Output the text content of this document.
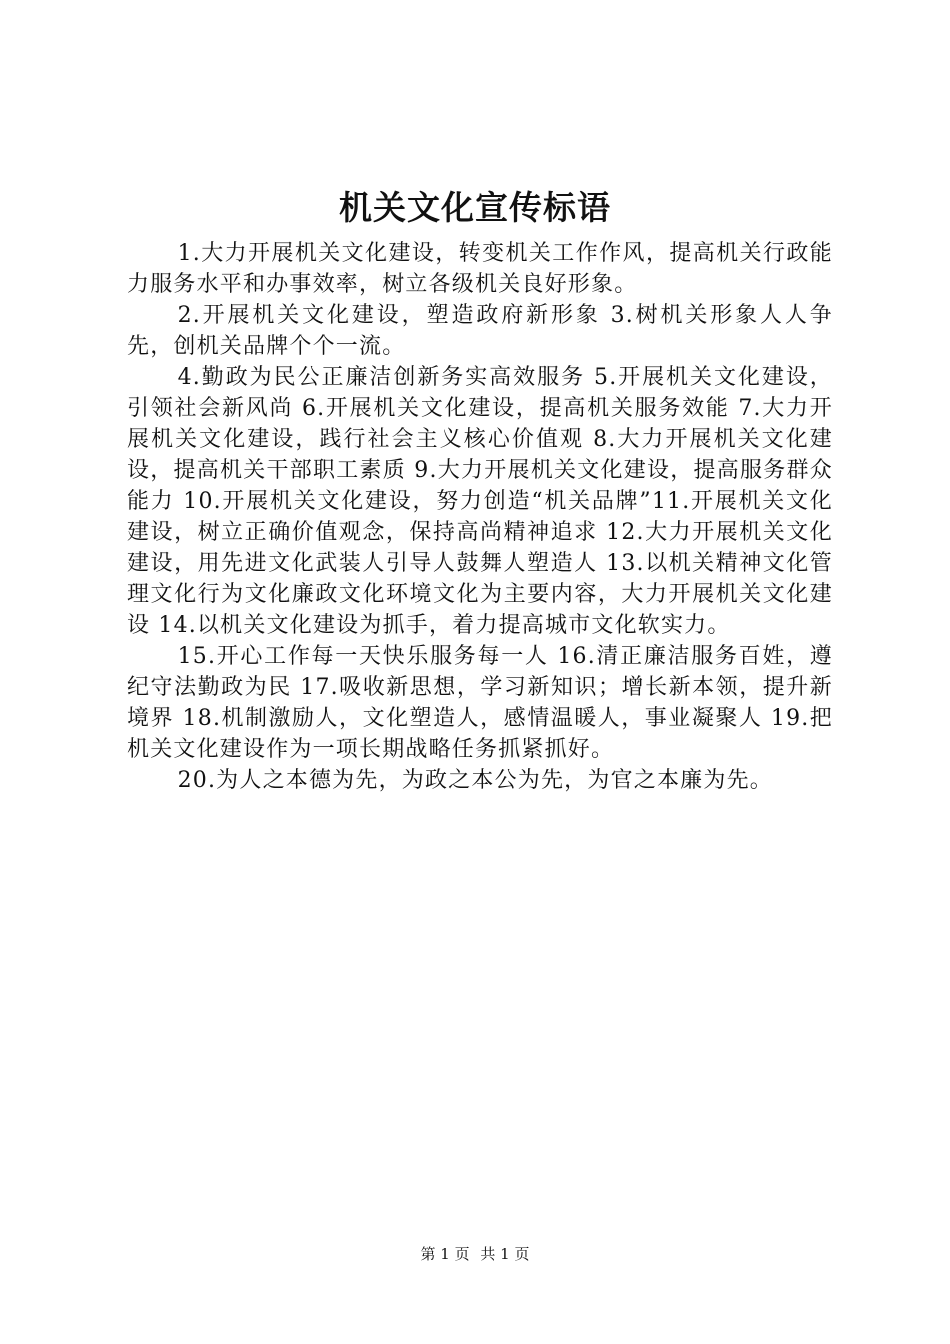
机关文化宣传标语

1.大力开展机关文化建设，转变机关工作作风，提高机关行政能力服务水平和办事效率，树立各级机关良好形象。

2.开展机关文化建设，塑造政府新形象 3.树机关形象人人争先，创机关品牌个个一流。

4.勤政为民公正廉洁创新务实高效服务 5.开展机关文化建设，引领社会新风尚 6.开展机关文化建设，提高机关服务效能 7.大力开展机关文化建设，践行社会主义核心价值观 8.大力开展机关文化建设，提高机关干部职工素质 9.大力开展机关文化建设，提高服务群众能力 10.开展机关文化建设，努力创造“机关品牌”11.开展机关文化建设，树立正确价值观念，保持高尚精神追求 12.大力开展机关文化建设，用先进文化武装人引导人鼓舞人塑造人 13.以机关精神文化管理文化行为文化廉政文化环境文化为主要内容，大力开展机关文化建设 14.以机关文化建设为抓手，着力提高城市文化软实力。

15.开心工作每一天快乐服务每一人 16.清正廉洁服务百姓，遵纪守法勤政为民 17.吸收新思想，学习新知识；增长新本领，提升新境界 18.机制激励人，文化塑造人，感情温暖人，事业凝聚人 19.把机关文化建设作为一项长期战略任务抓紧抓好。

20.为人之本德为先，为政之本公为先，为官之本廉为先。

第 1 页 共 1 页
